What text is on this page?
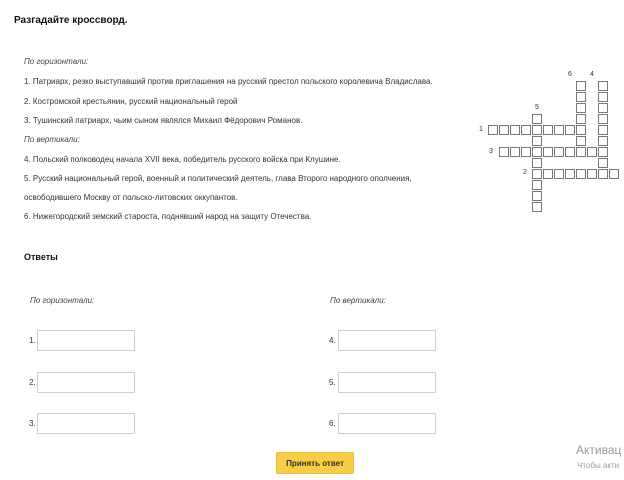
Разгадайте кроссворд.
По горизонтали:
1. Патриарх, резко выступавший против приглашения на русский престол польского королевича Владислава.
2. Костромской крестьянин, русский национальный герой
3. Тушинский патриарх, чьим сыном являлся Михаил Фёдорович Романов.
По вертикали:
4. Польский полководец начала XVII века, победитель русского войска при Клушине.
5. Русский национальный герой, военный и политический деятель, глава Второго народного ополчения,
освободившего Москву от польско-литовских оккупантов.
6. Нижегородский земский староста, поднявший народ на защиту Отечества.
6	4
5
1
3
2
Ответы
По горизонтали:	По вертикали:
1.
2.
3.
4.
5.
6.
Принять ответ
Активац
Чтобы акти
